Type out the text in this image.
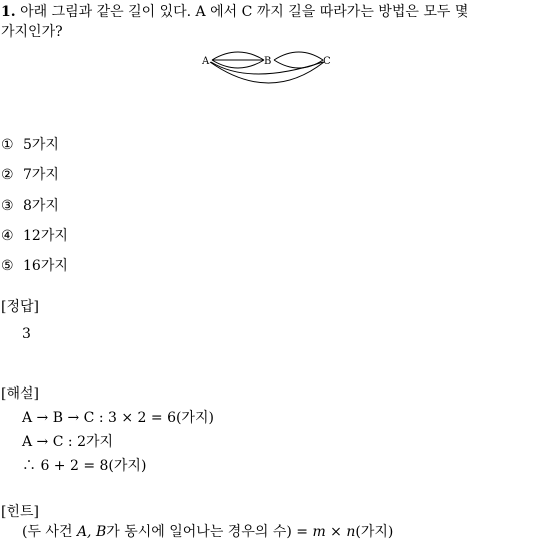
1. 아래 그림과 같은 길이 있다. A 에서 C 까지 길을 따라가는 방법은 모두 몇
가지인가?
A	B	C
① 5가지
② 7가지
③ 8가지
④ 12가지
⑤ 16가지
[정답]
3
[해설]
A → B → C : 3 × 2 = 6(가지)
A → C : 2가지
∴ 6 + 2 = 8(가지)
[힌트]
(두 사건 A, B가 동시에 일어나는 경우의 수) = m × n(가지)
